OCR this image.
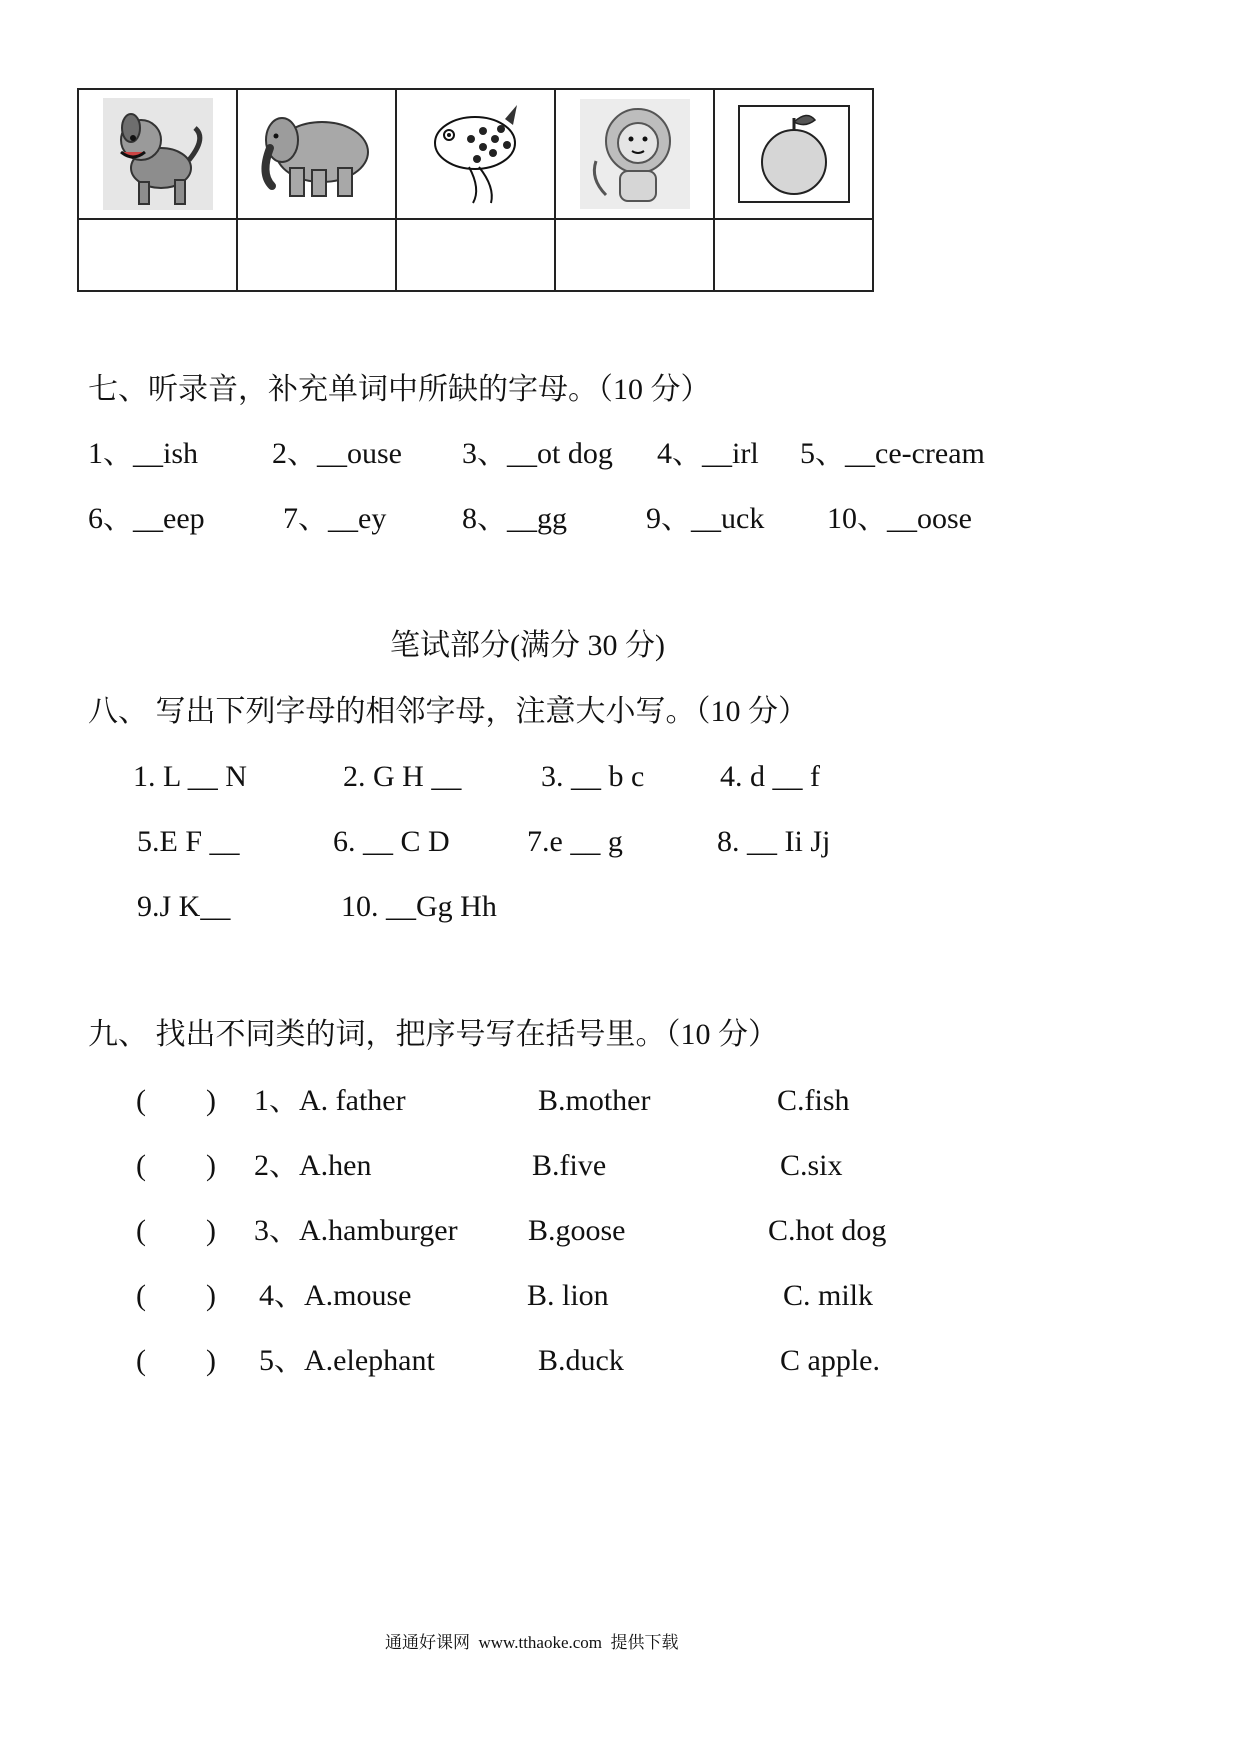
七、听录音，补充单词中所缺的字母。（10 分）
1、__ish 2、__ouse 3、__ot dog 4、__irl 5、__ce-cream
6、__eep	7、__ey	8、__gg	9、__uck 10、__oose
笔试部分(满分 30 分)
八、 写出下列字母的相邻字母，注意大小写。（10 分）
1. L __ N	2. G H __	3. __ b c	4. d __ f
5.E F __	6. __ C D	7.e __ g	8. __ Ii Jj
9.J K__	10. __Gg Hh
九、 找出不同类的词，把序号写在括号里。（10 分）
(　　) 1、A. father	B.mother	C.fish
(　　) 2、A.hen	B.five	C.six
(　　) 3、A.hamburger B.goose	C.hot dog
(　　) 4、A.mouse	B. lion	C. milk
(　　) 5、A.elephant	B.duck	C apple.
通通好课网  www.tthaoke.com  提供下载
